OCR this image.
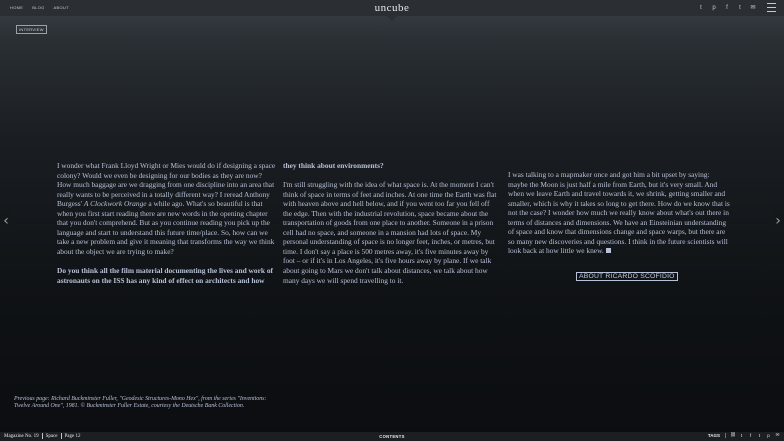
HOME BLOG ABOUT	uncube	t	p	f	t	✉
INTERVIEW
‹	›

I wonder what Frank Lloyd Wright or Mies would do if designing a space colony? Would we even be designing for our bodies as they are now? How much baggage are we dragging from one discipline into an area that really wants to be perceived in a totally different way? I reread Anthony Burgess' A Clockwork Orange a while ago. What's so beautiful is that when you first start reading there are new words in the opening chapter that you don't comprehend. But as you continue reading you pick up the language and start to understand this future time/place. So, how can we take a new problem and give it meaning that transforms the way we think about the object we are trying to make?

Do you think all the film material documenting the lives and work of astronauts on the ISS has any kind of effect on architects and how

they think about environments?

I'm still struggling with the idea of what space is. At the moment I can't think of space in terms of feet and inches. At one time the Earth was flat with heaven above and hell below, and if you went too far you fell off the edge. Then with the industrial revolution, space became about the transportation of goods from one place to another. Someone in a prison cell had no space, and someone in a mansion had lots of space. My personal understanding of space is no longer feet, inches, or metres, but time. I don't say a place is 500 metres away, it's five minutes away by foot – or if it's in Los Angeles, it's five hours away by plane. If we talk about going to Mars we don't talk about distances, we talk about how many days we will spend travelling to it.

I was talking to a mapmaker once and got him a bit upset by saying: maybe the Moon is just half a mile from Earth, but it's very small. And when we leave Earth and travel towards it, we shrink, getting smaller and smaller, which is why it takes so long to get there. How do we know that is not the case? I wonder how much we really know about what's out there in terms of distances and dimensions. We have an Einsteinian understanding of space and know that dimensions change and space warps, but there are so many new discoveries and questions. I think in the future scientists will look back at how little we knew.

ABOUT RICARDO SCOFIDIO
Previous page: Richard Buckminster Fuller, "Geodesic Structures-Mono Hex", from the series "Inventions: Twelve Around One", 1981. © Buckminster Fuller Estate, courtesy the Deutsche Bank Collection.
Magazine No. 19 Space Page 12	CONTENTS	TAGS	⛓	t	f	t	p ✉
